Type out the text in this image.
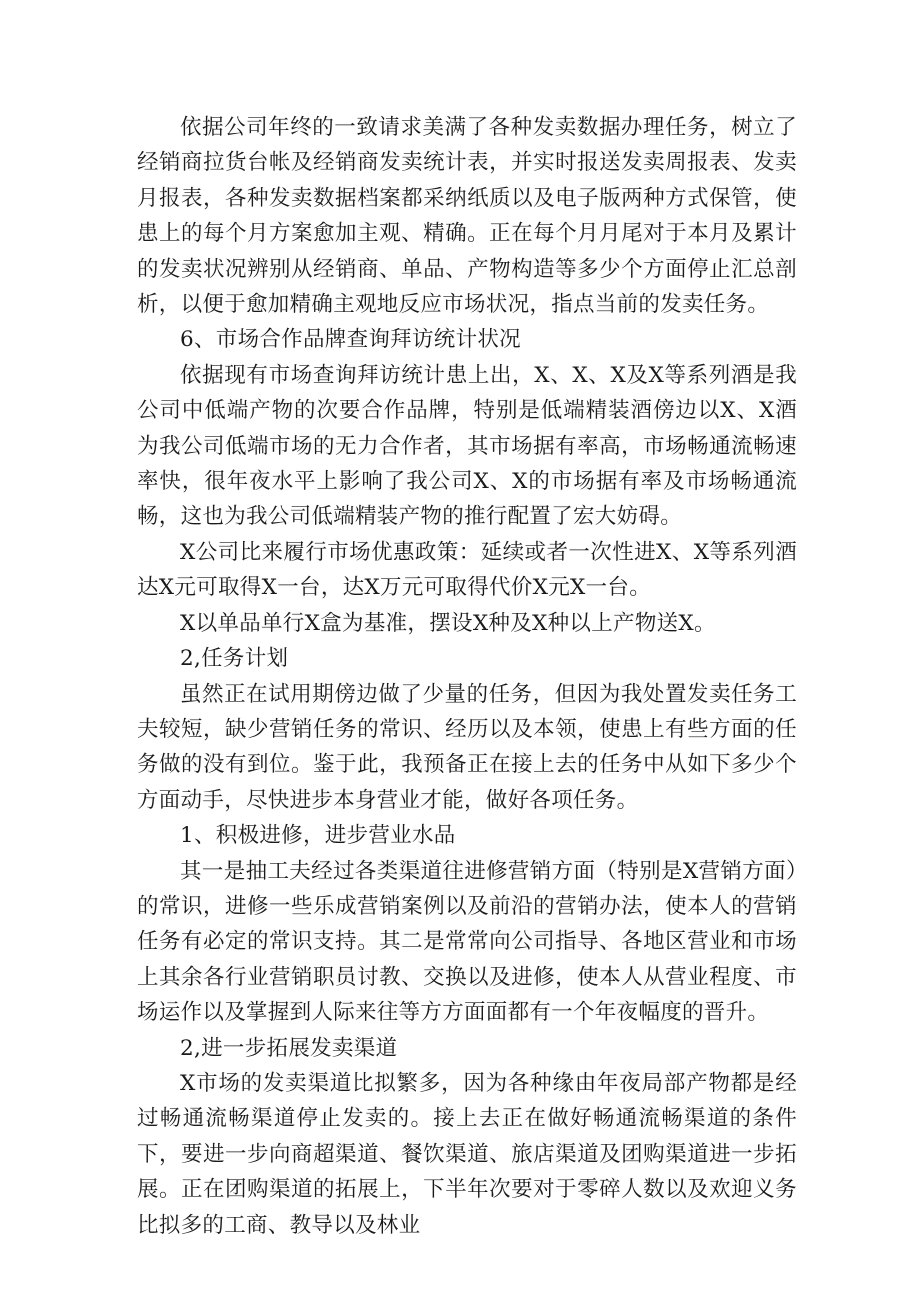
依据公司年终的一致请求美满了各种发卖数据办理任务，树立了经销商拉货台帐及经销商发卖统计表，并实时报送发卖周报表、发卖月报表，各种发卖数据档案都采纳纸质以及电子版两种方式保管，使患上的每个月方案愈加主观、精确。正在每个月月尾对于本月及累计的发卖状况辨别从经销商、单品、产物构造等多少个方面停止汇总剖析，以便于愈加精确主观地反应市场状况，指点当前的发卖任务。

6、市场合作品牌查询拜访统计状况

依据现有市场查询拜访统计患上出，X、X、X及X等系列酒是我公司中低端产物的次要合作品牌，特别是低端精装酒傍边以X、X酒为我公司低端市场的无力合作者，其市场据有率高，市场畅通流畅速率快，很年夜水平上影响了我公司X、X的市场据有率及市场畅通流畅，这也为我公司低端精装产物的推行配置了宏大妨碍。

X公司比来履行市场优惠政策：延续或者一次性进X、X等系列酒达X元可取得X一台，达X万元可取得代价X元X一台。

X以单品单行X盒为基准，摆设X种及X种以上产物送X。

2,任务计划

虽然正在试用期傍边做了少量的任务，但因为我处置发卖任务工夫较短，缺少营销任务的常识、经历以及本领，使患上有些方面的任务做的没有到位。鉴于此，我预备正在接上去的任务中从如下多少个方面动手，尽快进步本身营业才能，做好各项任务。

1、积极进修，进步营业水品

其一是抽工夫经过各类渠道往进修营销方面（特别是X营销方面）的常识，进修一些乐成营销案例以及前沿的营销办法，使本人的营销任务有必定的常识支持。其二是常常向公司指导、各地区营业和市场上其余各行业营销职员讨教、交换以及进修，使本人从营业程度、市场运作以及掌握到人际来往等方方面面都有一个年夜幅度的晋升。

2,进一步拓展发卖渠道

X市场的发卖渠道比拟繁多，因为各种缘由年夜局部产物都是经过畅通流畅渠道停止发卖的。接上去正在做好畅通流畅渠道的条件下，要进一步向商超渠道、餐饮渠道、旅店渠道及团购渠道进一步拓展。正在团购渠道的拓展上，下半年次要对于零碎人数以及欢迎义务比拟多的工商、教导以及林业
